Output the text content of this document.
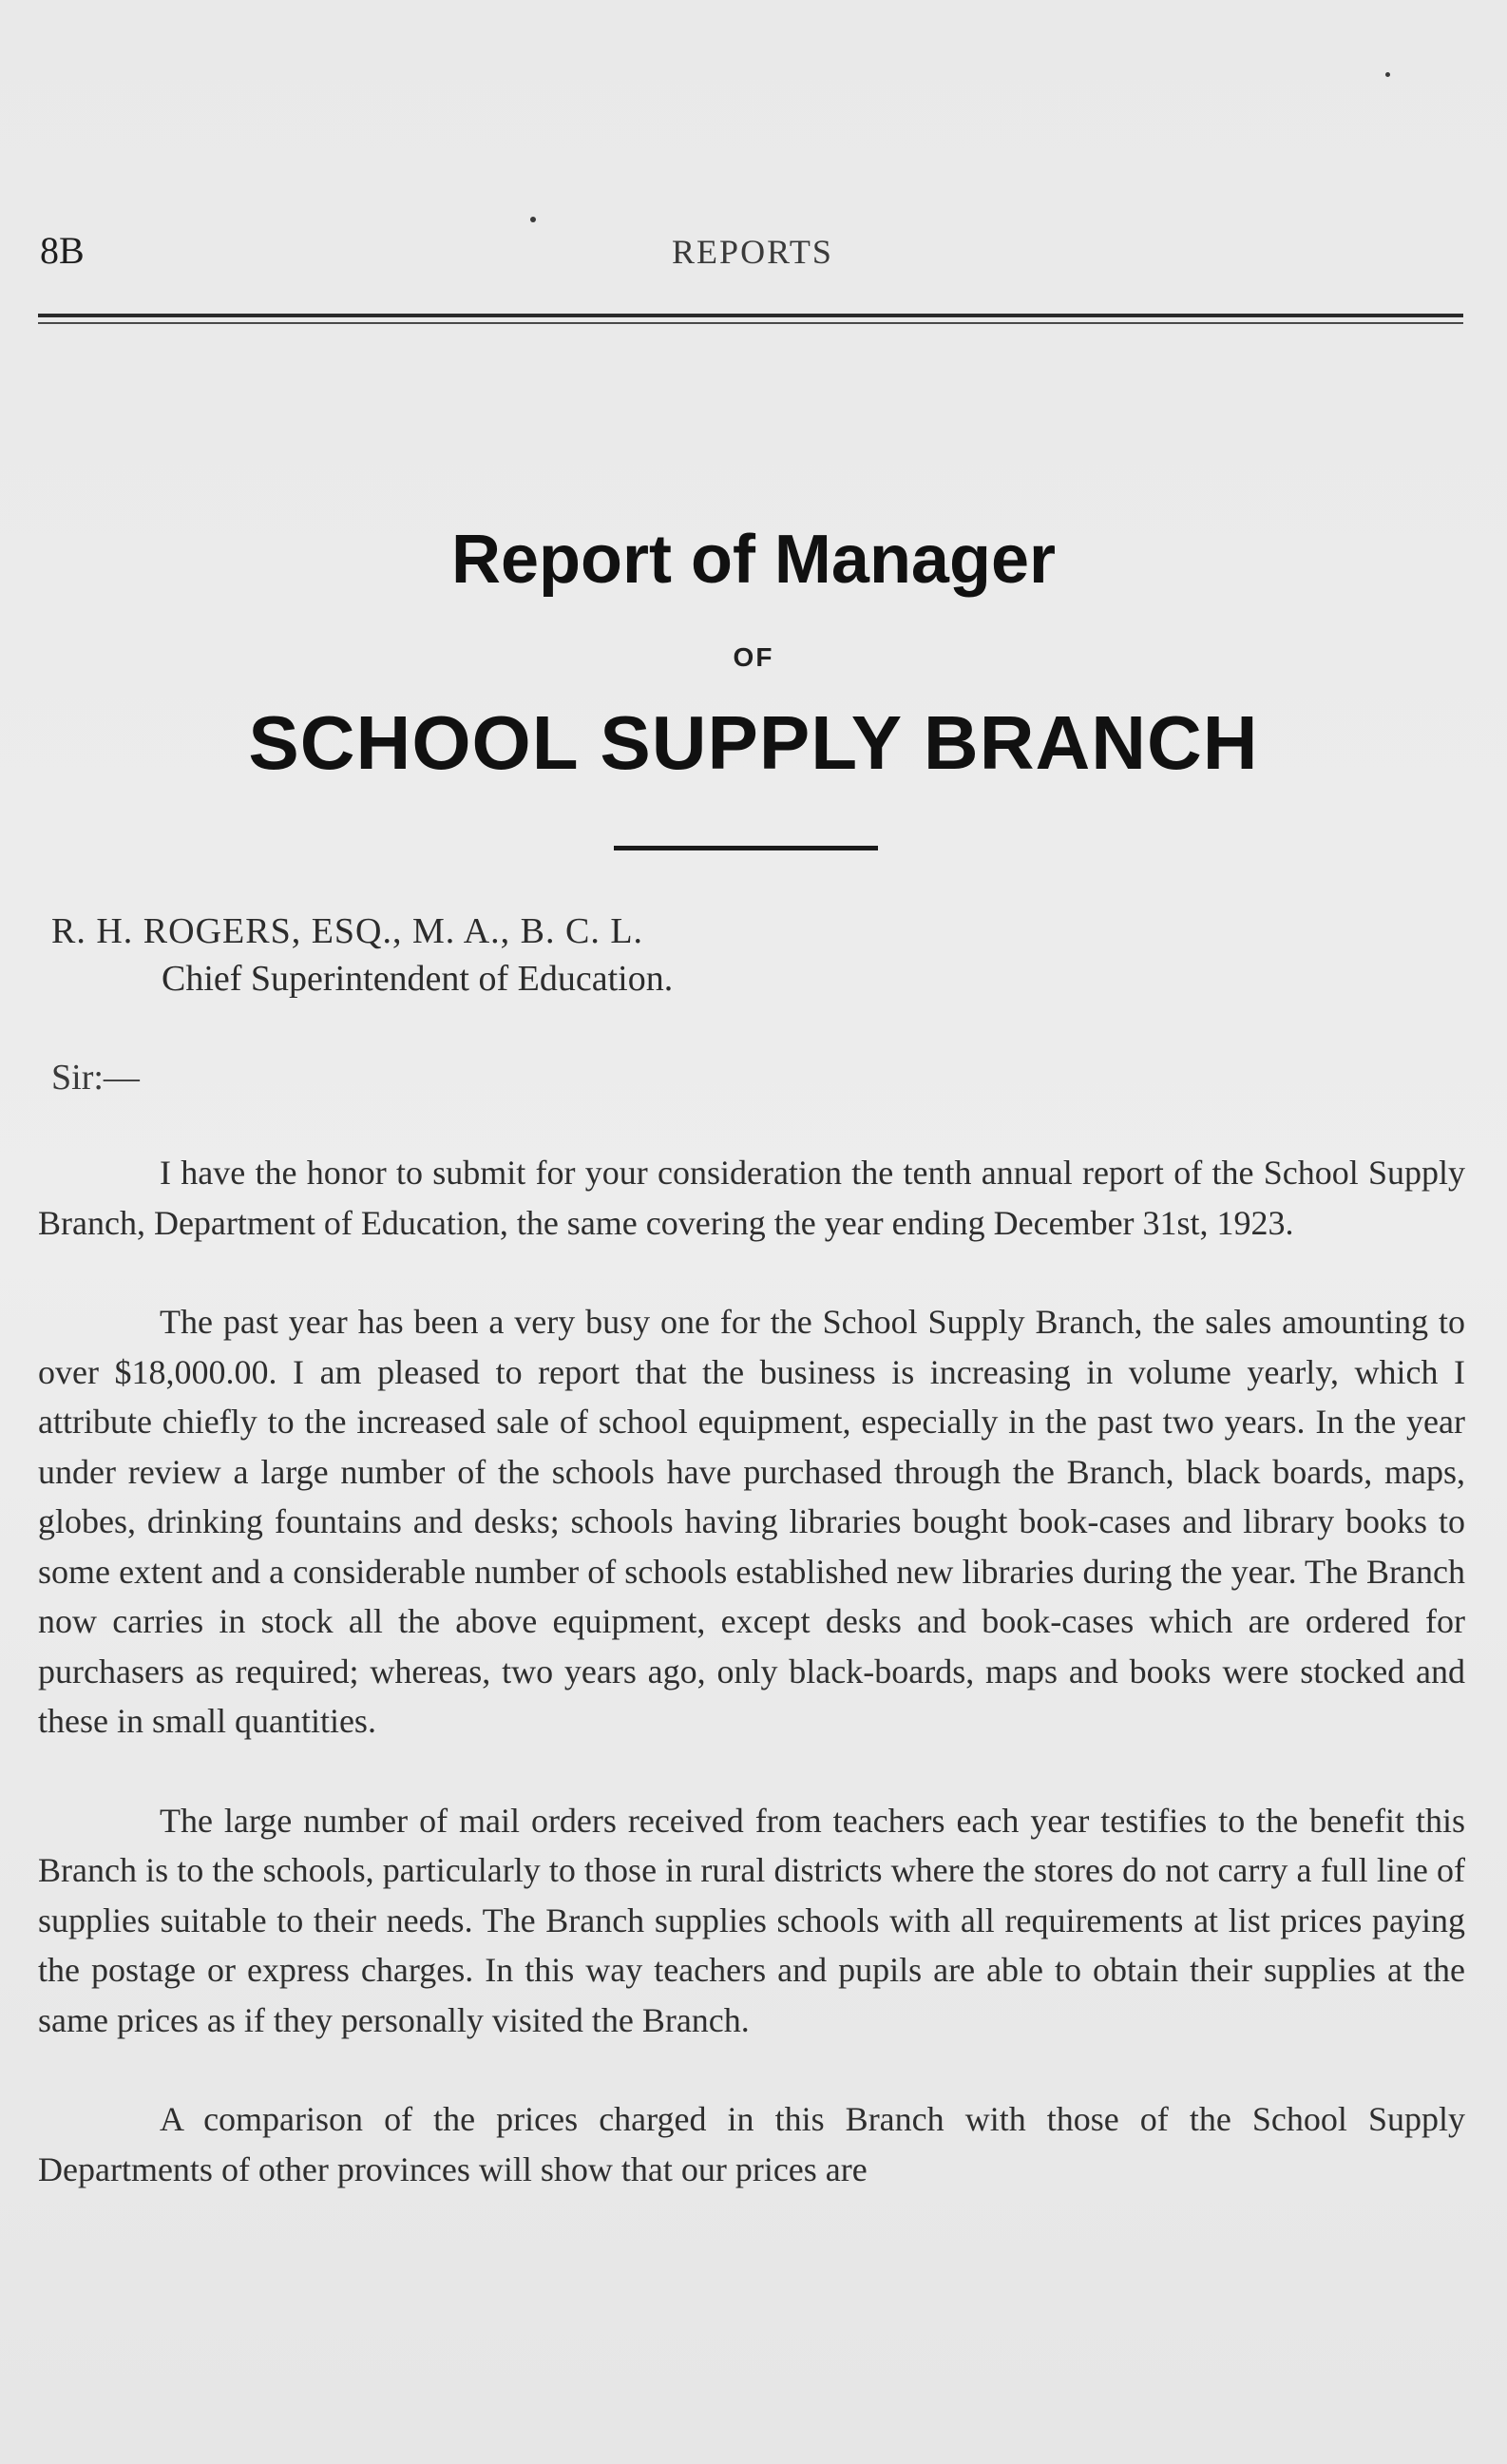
8B	REPORTS
Report of Manager
OF
SCHOOL SUPPLY BRANCH
R. H. ROGERS, ESQ., M. A., B. C. L.
Chief Superintendent of Education.
Sir:—

I have the honor to submit for your consideration the tenth annual report of the School Supply Branch, Department of Education, the same covering the year ending December 31st, 1923.

The past year has been a very busy one for the School Supply Branch, the sales amounting to over $18,000.00. I am pleased to report that the business is increasing in volume yearly, which I attribute chiefly to the increased sale of school equipment, especially in the past two years. In the year under review a large number of the schools have purchased through the Branch, black boards, maps, globes, drinking fountains and desks; schools having libraries bought book-cases and library books to some extent and a considerable number of schools established new libraries during the year. The Branch now carries in stock all the above equipment, except desks and book-cases which are ordered for purchasers as required; whereas, two years ago, only black-boards, maps and books were stocked and these in small quantities.

The large number of mail orders received from teachers each year testifies to the benefit this Branch is to the schools, particularly to those in rural districts where the stores do not carry a full line of supplies suitable to their needs. The Branch supplies schools with all requirements at list prices paying the postage or express charges. In this way teachers and pupils are able to obtain their supplies at the same prices as if they personally visited the Branch.

A comparison of the prices charged in this Branch with those of the School Supply Departments of other provinces will show that our prices are
